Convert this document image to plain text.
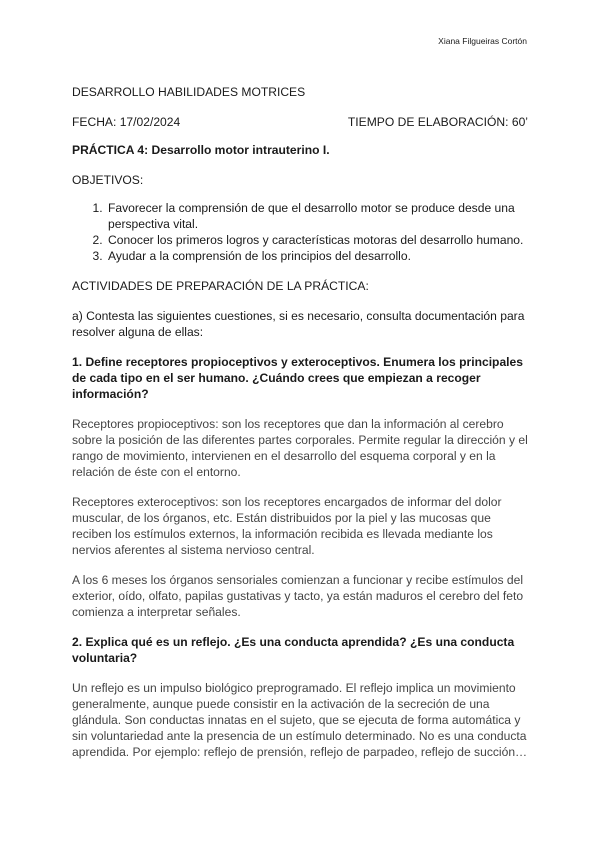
Xiana Filgueiras Cortón

DESARROLLO HABILIDADES MOTRICES

FECHA: 17/02/2024	TIEMPO DE ELABORACIÓN: 60’

PRÁCTICA 4: Desarrollo motor intrauterino I.

OBJETIVOS:

1. Favorecer la comprensión de que el desarrollo motor se produce desde una perspectiva vital.
2. Conocer los primeros logros y características motoras del desarrollo humano.
3. Ayudar a la comprensión de los principios del desarrollo.

ACTIVIDADES DE PREPARACIÓN DE LA PRÁCTICA:

a) Contesta las siguientes cuestiones, si es necesario, consulta documentación para resolver alguna de ellas:

1. Define receptores propioceptivos y exteroceptivos. Enumera los principales de cada tipo en el ser humano. ¿Cuándo crees que empiezan a recoger información?

Receptores propioceptivos: son los receptores que dan la información al cerebro sobre la posición de las diferentes partes corporales. Permite regular la dirección y el rango de movimiento, intervienen en el desarrollo del esquema corporal y en la relación de éste con el entorno.

Receptores exteroceptivos: son los receptores encargados de informar del dolor muscular, de los órganos, etc. Están distribuidos por la piel y las mucosas que reciben los estímulos externos, la información recibida es llevada mediante los nervios aferentes al sistema nervioso central.

A los 6 meses los órganos sensoriales comienzan a funcionar y recibe estímulos del exterior, oído, olfato, papilas gustativas y tacto, ya están maduros el cerebro del feto comienza a interpretar señales.

2. Explica qué es un reflejo. ¿Es una conducta aprendida? ¿Es una conducta voluntaria?

Un reflejo es un impulso biológico preprogramado. El reflejo implica un movimiento generalmente, aunque puede consistir en la activación de la secreción de una glándula. Son conductas innatas en el sujeto, que se ejecuta de forma automática y sin voluntariedad ante la presencia de un estímulo determinado. No es una conducta aprendida. Por ejemplo: reflejo de prensión, reflejo de parpadeo, reflejo de succión…
